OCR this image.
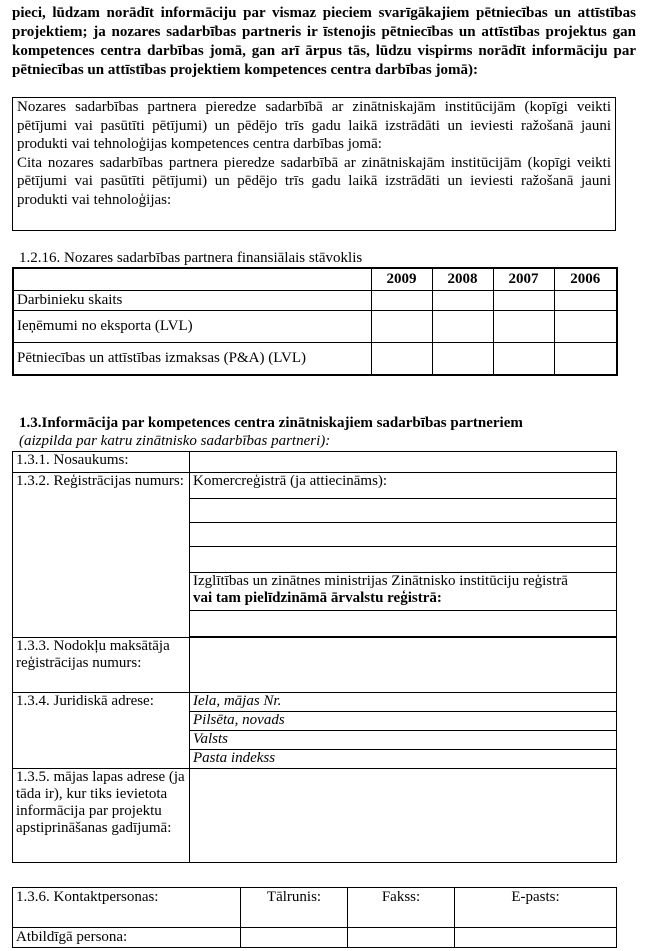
pieci, lūdzam norādīt informāciju par vismaz pieciem svarīgākajiem pētniecības un attīstības projektiem; ja nozares sadarbības partneris ir īstenojis pētniecības un attīstības projektus gan kompetences centra darbības jomā, gan arī ārpus tās, lūdzu vispirms norādīt informāciju par pētniecības un attīstības projektiem kompetences centra darbības jomā):

Nozares sadarbības partnera pieredze sadarbībā ar zinātniskajām institūcijām (kopīgi veikti pētījumi vai pasūtīti pētījumi) un pēdējo trīs gadu laikā izstrādāti un ieviesti ražošanā jauni produkti vai tehnoloģijas kompetences centra darbības jomā:

Cita nozares sadarbības partnera pieredze sadarbībā ar zinātniskajām institūcijām (kopīgi veikti pētījumi vai pasūtīti pētījumi) un pēdējo trīs gadu laikā izstrādāti un ieviesti ražošanā jauni produkti vai tehnoloģijas:

1.2.16. Nozares sadarbības partnera finansiālais stāvoklis
	2009	2008	2007	2006
Darbinieku skaits				
Ieņēmumi no eksporta (LVL)				
Pētniecības un attīstības izmaksas (P&A) (LVL)				
1.3.Informācija par kompetences centra zinātniskajiem sadarbības partneriem
(aizpilda par katru zinātnisko sadarbības partneri):
1.3.1. Nosaukums:	
1.3.2. Reģistrācijas numurs:	Komercreģistrā (ja attiecināms):

	Izglītības un zinātnes ministrijas Zinātnisko institūciju reģistrā
vai tam pielīdzināmā ārvalstu reģistrā:

1.3.3. Nodokļu maksātāja reģistrācijas numurs:	
1.3.4. Juridiskā adrese:	Iela, mājas Nr.
	Pilsēta, novads
	Valsts
	Pasta indekss
1.3.5. mājas lapas adrese (ja tāda ir), kur tiks ievietota informācija par projektu apstiprināšanas gadījumā:	
1.3.6. Kontaktpersonas:	Tālrunis:	Fakss:	E-pasts:
Atbildīgā persona:			
